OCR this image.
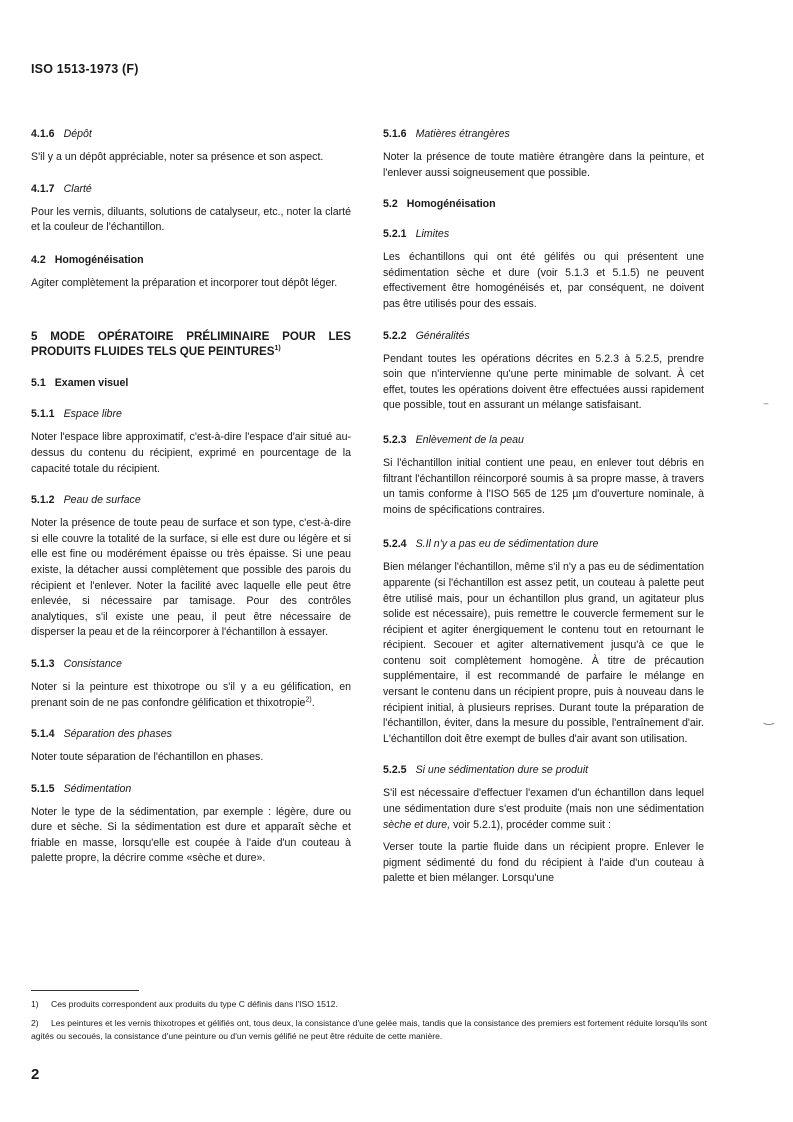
ISO 1513-1973 (F)
4.1.6 Dépôt

S'il y a un dépôt appréciable, noter sa présence et son aspect.

4.1.7 Clarté

Pour les vernis, diluants, solutions de catalyseur, etc., noter la clarté et la couleur de l'échantillon.

4.2 Homogénéisation

Agiter complètement la préparation et incorporer tout dépôt léger.

5 MODE OPÉRATOIRE PRÉLIMINAIRE POUR LES PRODUITS FLUIDES TELS QUE PEINTURES$^{1)}$
5.1 Examen visuel
5.1.1 Espace libre

Noter l'espace libre approximatif, c'est-à-dire l'espace d'air situé au-dessus du contenu du récipient, exprimé en pourcentage de la capacité totale du récipient.

5.1.2 Peau de surface

Noter la présence de toute peau de surface et son type, c'est-à-dire si elle couvre la totalité de la surface, si elle est dure ou légère et si elle est fine ou modérément épaisse ou très épaisse. Si une peau existe, la détacher aussi complètement que possible des parois du récipient et l'enlever. Noter la facilité avec laquelle elle peut être enlevée, si nécessaire par tamisage. Pour des contrôles analytiques, s'il existe une peau, il peut être nécessaire de disperser la peau et de la réincorporer à l'échantillon à essayer.

5.1.3 Consistance

Noter si la peinture est thixotrope ou s'il y a eu gélification, en prenant soin de ne pas confondre gélification et thixotropie$^{2)}$.

5.1.4 Séparation des phases

Noter toute séparation de l'échantillon en phases.

5.1.5 Sédimentation

Noter le type de la sédimentation, par exemple : légère, dure ou dure et sèche. Si la sédimentation est dure et apparaît sèche et friable en masse, lorsqu'elle est coupée à l'aide d'un couteau à palette propre, la décrire comme «sèche et dure».

5.1.6 Matières étrangères

Noter la présence de toute matière étrangère dans la peinture, et l'enlever aussi soigneusement que possible.

5.2 Homogénéisation
5.2.1 Limites

Les échantillons qui ont été gélifés ou qui présentent une sédimentation sèche et dure (voir 5.1.3 et 5.1.5) ne peuvent effectivement être homogénéisés et, par conséquent, ne doivent pas être utilisés pour des essais.

5.2.2 Généralités

Pendant toutes les opérations décrites en 5.2.3 à 5.2.5, prendre soin que n'intervienne qu'une perte minimable de solvant. À cet effet, toutes les opérations doivent être effectuées aussi rapidement que possible, tout en assurant un mélange satisfaisant.

5.2.3 Enlèvement de la peau

Si l'échantillon initial contient une peau, en enlever tout débris en filtrant l'échantillon réincorporé soumis à sa propre masse, à travers un tamis conforme à l'ISO 565 de 125 µm d'ouverture nominale, à moins de spécifications contraires.

5.2.4 S.Il n'y a pas eu de sédimentation dure

Bien mélanger l'échantillon, même s'il n'y a pas eu de sédimentation apparente (si l'échantillon est assez petit, un couteau à palette peut être utilisé mais, pour un échantillon plus grand, un agitateur plus solide est nécessaire), puis remettre le couvercle fermement sur le récipient et agiter énergiquement le contenu tout en retournant le récipient. Secouer et agiter alternativement jusqu'à ce que le contenu soit complètement homogène. À titre de précaution supplémentaire, il est recommandé de parfaire le mélange en versant le contenu dans un récipient propre, puis à nouveau dans le récipient initial, à plusieurs reprises. Durant toute la préparation de l'échantillon, éviter, dans la mesure du possible, l'entraînement d'air. L'échantillon doit être exempt de bulles d'air avant son utilisation.

5.2.5 Si une sédimentation dure se produit

S'il est nécessaire d'effectuer l'examen d'un échantillon dans lequel une sédimentation dure s'est produite (mais non une sédimentation sèche et dure, voir 5.2.1), procéder comme suit :

Verser toute la partie fluide dans un récipient propre. Enlever le pigment sédimenté du fond du récipient à l'aide d'un couteau à palette et bien mélanger. Lorsqu'une

1) Ces produits correspondent aux produits du type C définis dans l'ISO 1512.
2) Les peintures et les vernis thixotropes et gélifiés ont, tous deux, la consistance d'une gelée mais, tandis que la consistance des premiers est fortement réduite lorsqu'ils sont agités ou secoués, la consistance d'une peinture ou d'un vernis gélifié ne peut être réduite de cette manière.
2
‾
‿
